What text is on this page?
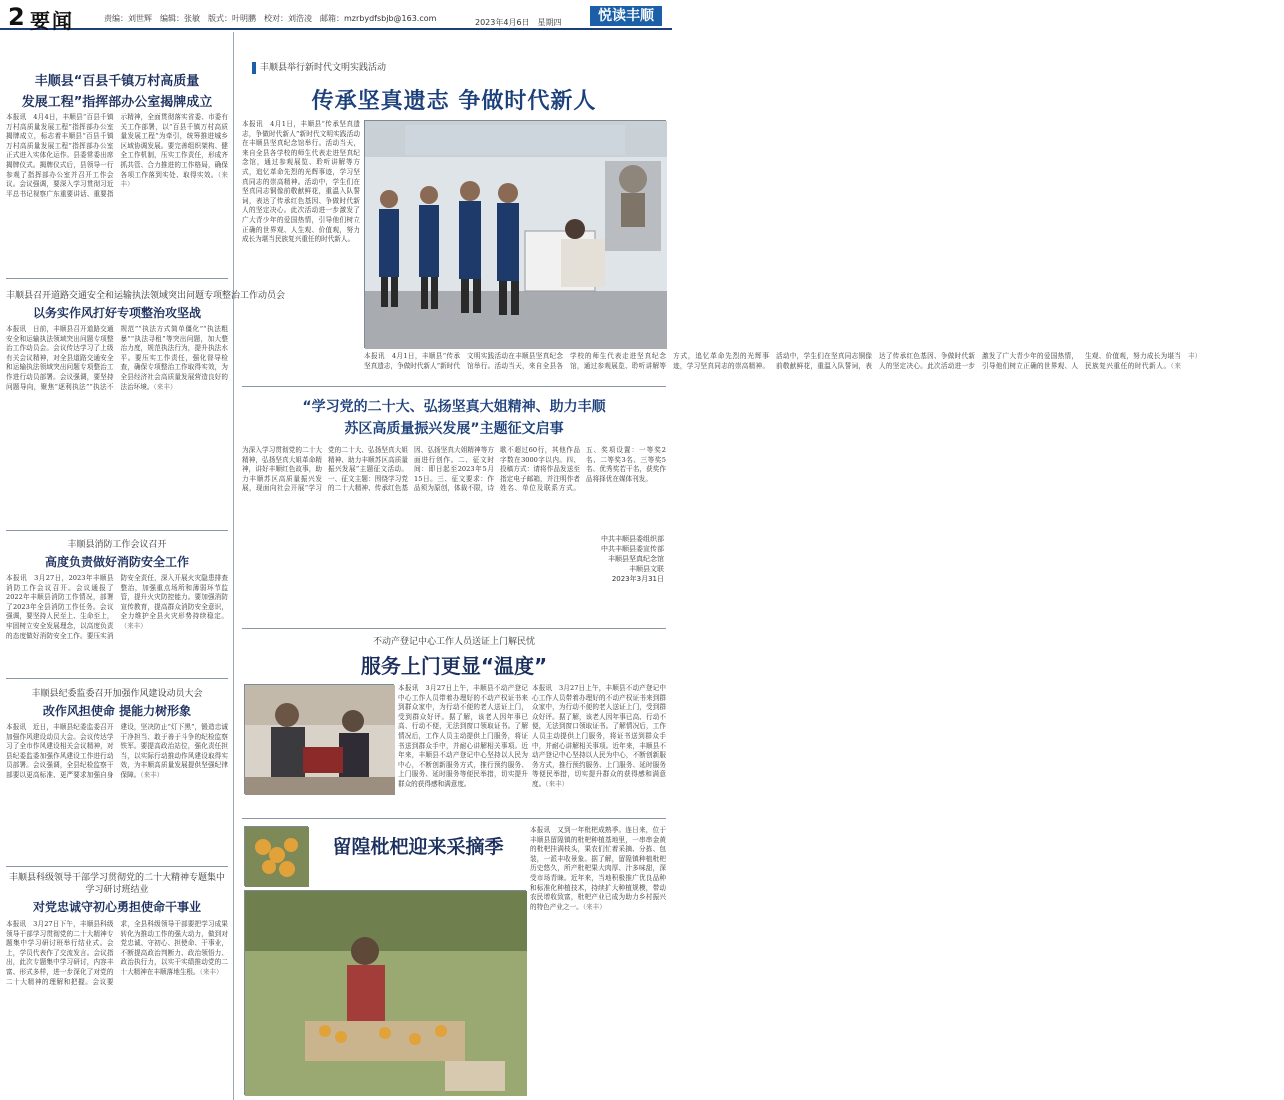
2 要闻	责编：刘世辉　编辑：张敏　版式：叶明鹏　校对：刘浩凌　邮箱：mzrbydfsbjb@163.com	2023年4月6日　星期四	悦读丰顺
丰顺县“百县千镇万村高质量
发展工程”指挥部办公室揭牌成立
本报讯　4月4日，丰顺县“百县千镇万村高质量发展工程”指挥部办公室揭牌成立，标志着丰顺县“百县千镇万村高质量发展工程”指挥部办公室正式进入实体化运作。县委常委出席揭牌仪式。揭牌仪式后，县领导一行参观了指挥部办公室并召开工作会议。会议强调，要深入学习贯彻习近平总书记视察广东重要讲话、重要指示精神，全面贯彻落实省委、市委有关工作部署，以“百县千镇万村高质量发展工程”为牵引，统筹推进城乡区域协调发展。要完善组织架构、健全工作机制，压实工作责任，形成齐抓共管、合力推进的工作格局，确保各项工作落到实处、取得实效。（来丰）
丰顺县召开道路交通安全和运输执法领域突出问题专项整治工作动员会
以务实作风打好专项整治攻坚战
本报讯　日前，丰顺县召开道路交通安全和运输执法领域突出问题专项整治工作动员会。会议传达学习了上级有关会议精神，对全县道路交通安全和运输执法领域突出问题专项整治工作进行动员部署。会议强调，要坚持问题导向，聚焦“逐利执法”“执法不规范”“执法方式简单僵化”“执法粗暴”“执法寻租”等突出问题，加大整治力度，规范执法行为，提升执法水平。要压实工作责任，强化督导检查，确保专项整治工作取得实效，为全县经济社会高质量发展营造良好的法治环境。（来丰）
丰顺县消防工作会议召开
高度负责做好消防安全工作
本报讯　3月27日，2023年丰顺县消防工作会议召开。会议通报了2022年丰顺县消防工作情况，部署了2023年全县消防工作任务。会议强调，要坚持人民至上、生命至上，牢固树立安全发展理念，以高度负责的态度做好消防安全工作。要压实消防安全责任，深入开展火灾隐患排查整治，加强重点场所和薄弱环节监管，提升火灾防控能力。要加强消防宣传教育，提高群众消防安全意识，全力维护全县火灾形势持续稳定。（来丰）
丰顺县纪委监委召开加强作风建设动员大会
改作风担使命 提能力树形象
本报讯　近日，丰顺县纪委监委召开加强作风建设动员大会。会议传达学习了全市作风建设相关会议精神，对县纪委监委加强作风建设工作进行动员部署。会议强调，全县纪检监察干部要以更高标准、更严要求加强自身建设，坚决防止“灯下黑”，锻造忠诚干净担当、敢于善于斗争的纪检监察铁军。要提高政治站位，强化责任担当，以实际行动推动作风建设取得实效，为丰顺高质量发展提供坚强纪律保障。（来丰）
丰顺县科级领导干部学习贯彻党的二十大精神专题集中学习研讨班结业
对党忠诚守初心勇担使命干事业
本报讯　3月27日下午，丰顺县科级领导干部学习贯彻党的二十大精神专题集中学习研讨班举行结业式。会上，学员代表作了交流发言。会议指出，此次专题集中学习研讨，内容丰富、形式多样，进一步深化了对党的二十大精神的理解和把握。会议要求，全县科级领导干部要把学习成果转化为推动工作的强大动力，做到对党忠诚、守初心、担使命、干事业，不断提高政治判断力、政治领悟力、政治执行力，以实干实绩推动党的二十大精神在丰顺落地生根。（来丰）
丰顺县举行新时代文明实践活动
传承坚真遗志 争做时代新人
本报讯　4月1日，丰顺县“传承坚真遗志，争做时代新人”新时代文明实践活动在丰顺县坚真纪念馆举行。活动当天，来自全县各学校的师生代表走进坚真纪念馆，通过参观展览、聆听讲解等方式，追忆革命先烈的光辉事迹，学习坚真同志的崇高精神。活动中，学生们在坚真同志铜像前敬献鲜花，重温入队誓词，表达了传承红色基因、争做时代新人的坚定决心。此次活动进一步激发了广大青少年的爱国热情，引导他们树立正确的世界观、人生观、价值观，努力成长为堪当民族复兴重任的时代新人。
本报讯　4月1日，丰顺县“传承坚真遗志，争做时代新人”新时代文明实践活动在丰顺县坚真纪念馆举行。活动当天，来自全县各学校的师生代表走进坚真纪念馆，通过参观展览、聆听讲解等方式，追忆革命先烈的光辉事迹，学习坚真同志的崇高精神。活动中，学生们在坚真同志铜像前敬献鲜花，重温入队誓词，表达了传承红色基因、争做时代新人的坚定决心。此次活动进一步激发了广大青少年的爱国热情，引导他们树立正确的世界观、人生观、价值观，努力成长为堪当民族复兴重任的时代新人。（来丰）
“学习党的二十大、弘扬坚真大姐精神、助力丰顺
苏区高质量振兴发展”主题征文启事
为深入学习贯彻党的二十大精神，弘扬坚真大姐革命精神，讲好丰顺红色故事，助力丰顺苏区高质量振兴发展，现面向社会开展“学习党的二十大、弘扬坚真大姐精神、助力丰顺苏区高质量振兴发展”主题征文活动。一、征文主题：围绕学习党的二十大精神、传承红色基因、弘扬坚真大姐精神等方面进行创作。二、征文时间：即日起至2023年5月15日。三、征文要求：作品须为原创，体裁不限，诗歌不超过60行，其他作品字数在3000字以内。四、投稿方式：请将作品发送至指定电子邮箱，并注明作者姓名、单位及联系方式。五、奖项设置：一等奖2名、二等奖3名、三等奖5名、优秀奖若干名，获奖作品将择优在媒体刊发。
中共丰顺县委组织部
中共丰顺县委宣传部
丰顺县坚真纪念馆
丰顺县文联
2023年3月31日
不动产登记中心工作人员送证上门解民忧
服务上门更显“温度”
本报讯　3月27日上午，丰顺县不动产登记中心工作人员带着办理好的不动产权证书来到群众家中，为行动不便的老人送证上门，受到群众好评。据了解，该老人因年事已高、行动不便，无法到窗口领取证书。了解情况后，工作人员主动提供上门服务，将证书送到群众手中，并耐心讲解相关事项。近年来，丰顺县不动产登记中心坚持以人民为中心，不断创新服务方式，推行预约服务、上门服务、延时服务等便民举措，切实提升群众的获得感和满意度。
本报讯　3月27日上午，丰顺县不动产登记中心工作人员带着办理好的不动产权证书来到群众家中，为行动不便的老人送证上门，受到群众好评。据了解，该老人因年事已高、行动不便，无法到窗口领取证书。了解情况后，工作人员主动提供上门服务，将证书送到群众手中，并耐心讲解相关事项。近年来，丰顺县不动产登记中心坚持以人民为中心，不断创新服务方式，推行预约服务、上门服务、延时服务等便民举措，切实提升群众的获得感和满意度。（来丰）
留隍枇杷迎来采摘季
本报讯　又到一年枇杷成熟季。连日来，位于丰顺县留隍镇的枇杷种植基地里，一串串金黄的枇杷挂满枝头，果农们忙着采摘、分拣、包装，一派丰收景象。据了解，留隍镇种植枇杷历史悠久，所产枇杷果大肉厚、汁多味甜，深受市场青睐。近年来，当地积极推广优良品种和标准化种植技术，持续扩大种植规模，带动农民增收致富，枇杷产业已成为助力乡村振兴的特色产业之一。（来丰）
